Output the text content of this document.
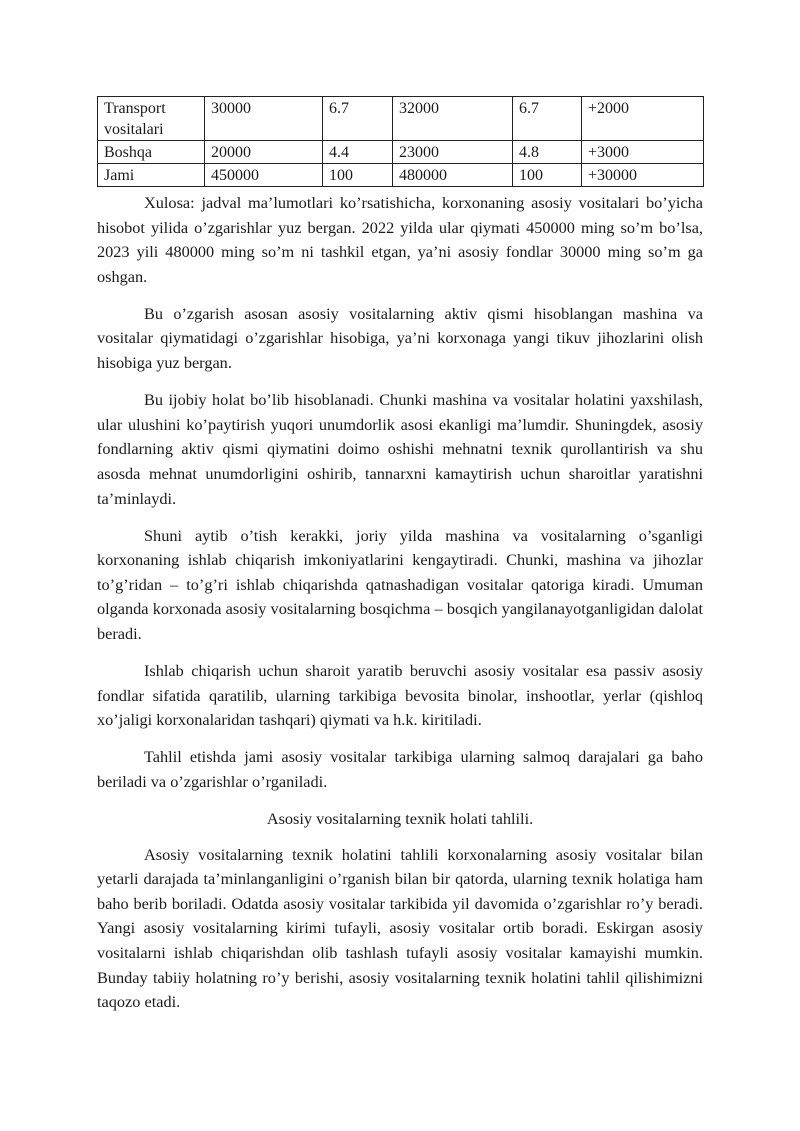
Transport vositalari	30000	6.7	32000	6.7	+2000
Boshqa	20000	4.4	23000	4.8	+3000
Jami	450000	100	480000	100	+30000

Xulosa: jadval ma’lumotlari ko’rsatishicha, korxonaning asosiy vositalari bo’yicha hisobot yilida o’zgarishlar yuz bergan. 2022 yilda ular qiymati 450000 ming so’m bo’lsa, 2023 yili 480000 ming so’m ni tashkil etgan, ya’ni asosiy fondlar 30000 ming so’m ga oshgan.

Bu o’zgarish asosan asosiy vositalarning aktiv qismi hisoblangan mashina va vositalar qiymatidagi o’zgarishlar hisobiga, ya’ni korxonaga yangi tikuv jihozlarini olish hisobiga yuz bergan.

Bu ijobiy holat bo’lib hisoblanadi. Chunki mashina va vositalar holatini yaxshilash, ular ulushini ko’paytirish yuqori unumdorlik asosi ekanligi ma’lumdir. Shuningdek, asosiy fondlarning aktiv qismi qiymatini doimo oshishi mehnatni texnik qurollantirish va shu asosda mehnat unumdorligini oshirib, tannarxni kamaytirish uchun sharoitlar yaratishni ta’minlaydi.

Shuni aytib o’tish kerakki, joriy yilda mashina va vositalarning o’sganligi korxonaning ishlab chiqarish imkoniyatlarini kengaytiradi. Chunki, mashina va jihozlar to’g’ridan – to’g’ri ishlab chiqarishda qatnashadigan vositalar qatoriga kiradi. Umuman olganda korxonada asosiy vositalarning bosqichma – bosqich yangilanayotganligidan dalolat beradi.

Ishlab chiqarish uchun sharoit yaratib beruvchi asosiy vositalar esa passiv asosiy fondlar sifatida qaratilib, ularning tarkibiga bevosita binolar, inshootlar, yerlar (qishloq xo’jaligi korxonalaridan tashqari) qiymati va h.k. kiritiladi.

Tahlil etishda jami asosiy vositalar tarkibiga ularning salmoq darajalari ga baho beriladi va o’zgarishlar o’rganiladi.

Asosiy vositalarning texnik holati tahlili.

Asosiy vositalarning texnik holatini tahlili korxonalarning asosiy vositalar bilan yetarli darajada ta’minlanganligini o’rganish bilan bir qatorda, ularning texnik holatiga ham baho berib boriladi. Odatda asosiy vositalar tarkibida yil davomida o’zgarishlar ro’y beradi. Yangi asosiy vositalarning kirimi tufayli, asosiy vositalar ortib boradi. Eskirgan asosiy vositalarni ishlab chiqarishdan olib tashlash tufayli asosiy vositalar kamayishi mumkin. Bunday tabiiy holatning ro’y berishi, asosiy vositalarning texnik holatini tahlil qilishimizni taqozo etadi.
